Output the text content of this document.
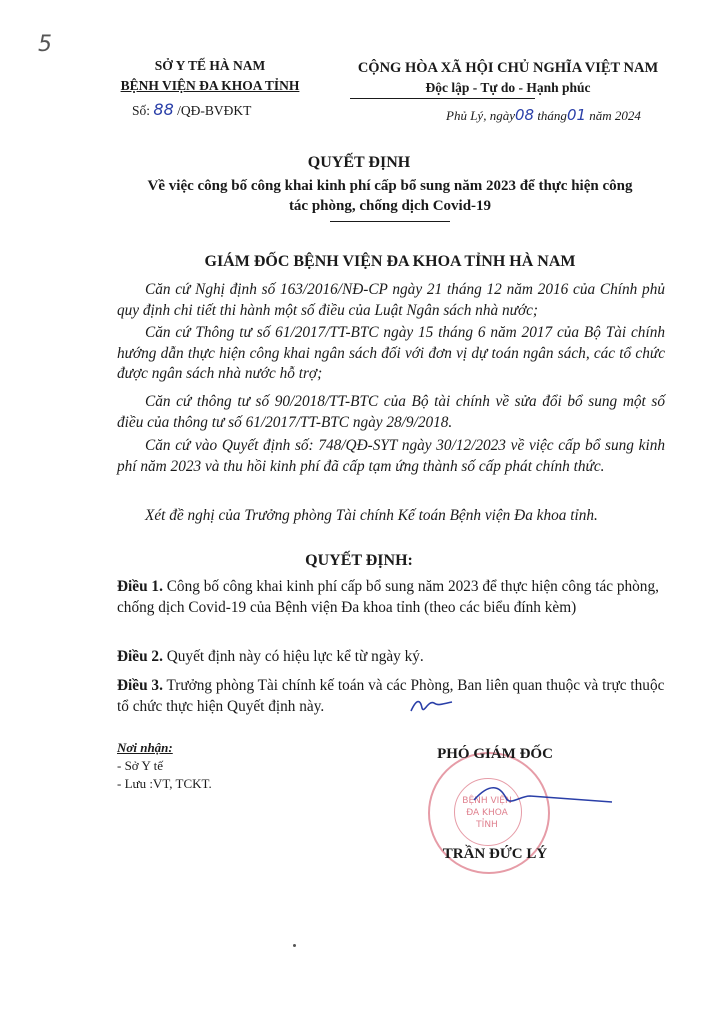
5
SỞ Y TẾ HÀ NAM
BỆNH VIỆN ĐA KHOA TỈNH
Số: 88 /QĐ-BVĐKT
CỘNG HÒA XÃ HỘI CHỦ NGHĨA VIỆT NAM
Độc lập - Tự do - Hạnh phúc
Phủ Lý, ngày08 tháng01 năm 2024
QUYẾT ĐỊNH
Về việc công bố công khai kinh phí cấp bổ sung năm 2023 để thực hiện công
tác phòng, chống dịch Covid-19
GIÁM ĐỐC BỆNH VIỆN ĐA KHOA TỈNH HÀ NAM
Căn cứ Nghị định số 163/2016/NĐ-CP ngày 21 tháng 12 năm 2016 của Chính phủ quy định chi tiết thi hành một số điều của Luật Ngân sách nhà nước;
Căn cứ Thông tư số 61/2017/TT-BTC ngày 15 tháng 6 năm 2017 của Bộ Tài chính hướng dẫn thực hiện công khai ngân sách đối với đơn vị dự toán ngân sách, các tổ chức được ngân sách nhà nước hỗ trợ;
Căn cứ thông tư số 90/2018/TT-BTC của Bộ tài chính về sửa đổi bổ sung một số điều của thông tư số 61/2017/TT-BTC ngày 28/9/2018.
Căn cứ vào Quyết định số: 748/QĐ-SYT ngày 30/12/2023 về việc cấp bổ sung kinh phí năm 2023 và thu hồi kinh phí đã cấp tạm ứng thành số cấp phát chính thức.
Xét đề nghị của Trưởng phòng Tài chính Kế toán Bệnh viện Đa khoa tỉnh.
QUYẾT ĐỊNH:
Điều 1. Công bố công khai kinh phí cấp bổ sung năm 2023 để thực hiện công tác phòng, chống dịch Covid-19 của Bệnh viện Đa khoa tỉnh (theo các biểu đính kèm)
Điều 2. Quyết định này có hiệu lực kể từ ngày ký.
Điều 3. Trưởng phòng Tài chính kế toán và các Phòng, Ban liên quan thuộc và trực thuộc tổ chức thực hiện Quyết định này.
Nơi nhận:
- Sở Y tế
- Lưu :VT, TCKT.
BỆNH VIỆN
ĐA KHOA
TỈNH
PHÓ GIÁM ĐỐC
TRẦN ĐỨC LÝ
